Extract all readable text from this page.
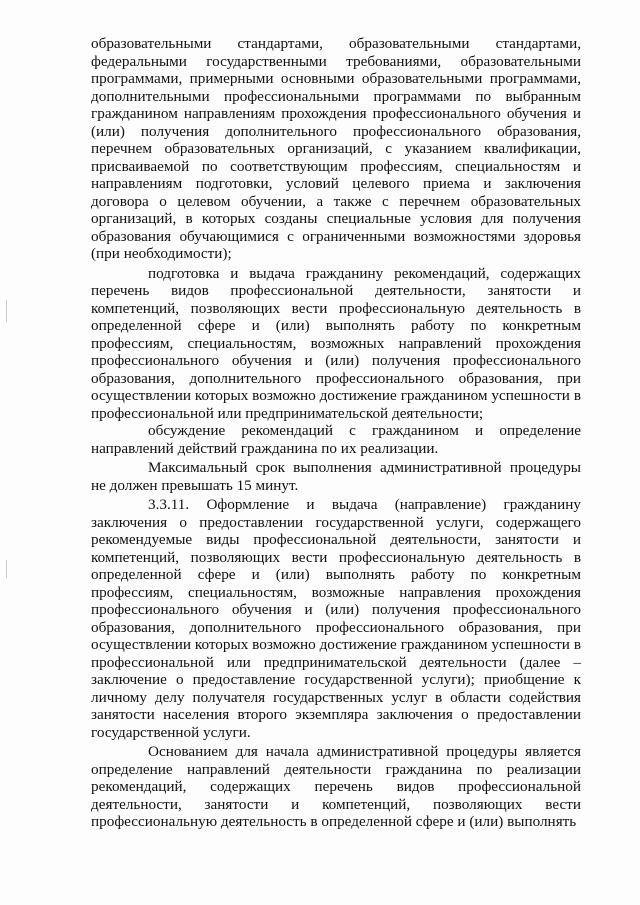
образовательными стандартами, образовательными стандартами, федеральными государственными требованиями, образовательными программами, примерными основными образовательными программами, дополнительными профессиональными программами по выбранным гражданином направлениям прохождения профессионального обучения и (или) получения дополнительного профессионального образования, перечнем образовательных организаций, с указанием квалификации, присваиваемой по соответствующим профессиям, специальностям и направлениям подготовки, условий целевого приема и заключения договора о целевом обучении, а также с перечнем образовательных организаций, в которых созданы специальные условия для получения образования обучающимися с ограниченными возможностями здоровья (при необходимости);

подготовка и выдача гражданину рекомендаций, содержащих перечень видов профессиональной деятельности, занятости и компетенций, позволяющих вести профессиональную деятельность в определенной сфере и (или) выполнять работу по конкретным профессиям, специальностям, возможных направлений прохождения профессионального обучения и (или) получения профессионального образования, дополнительного профессионального образования, при осуществлении которых возможно достижение гражданином успешности в профессиональной или предпринимательской деятельности;

обсуждение рекомендаций с гражданином и определение направлений действий гражданина по их реализации.

Максимальный срок выполнения административной процедуры не должен превышать 15 минут.

3.3.11. Оформление и выдача (направление) гражданину заключения о предоставлении государственной услуги, содержащего рекомендуемые виды профессиональной деятельности, занятости и компетенций, позволяющих вести профессиональную деятельность в определенной сфере и (или) выполнять работу по конкретным профессиям, специальностям, возможные направления прохождения профессионального обучения и (или) получения профессионального образования, дополнительного профессионального образования, при осуществлении которых возможно достижение гражданином успешности в профессиональной или предпринимательской деятельности (далее – заключение о предоставление государственной услуги); приобщение к личному делу получателя государственных услуг в области содействия занятости населения второго экземпляра заключения о предоставлении государственной услуги.

Основанием для начала административной процедуры является определение направлений деятельности гражданина по реализации рекомендаций, содержащих перечень видов профессиональной деятельности, занятости и компетенций, позволяющих вести профессиональную деятельность в определенной сфере и (или) выполнять
